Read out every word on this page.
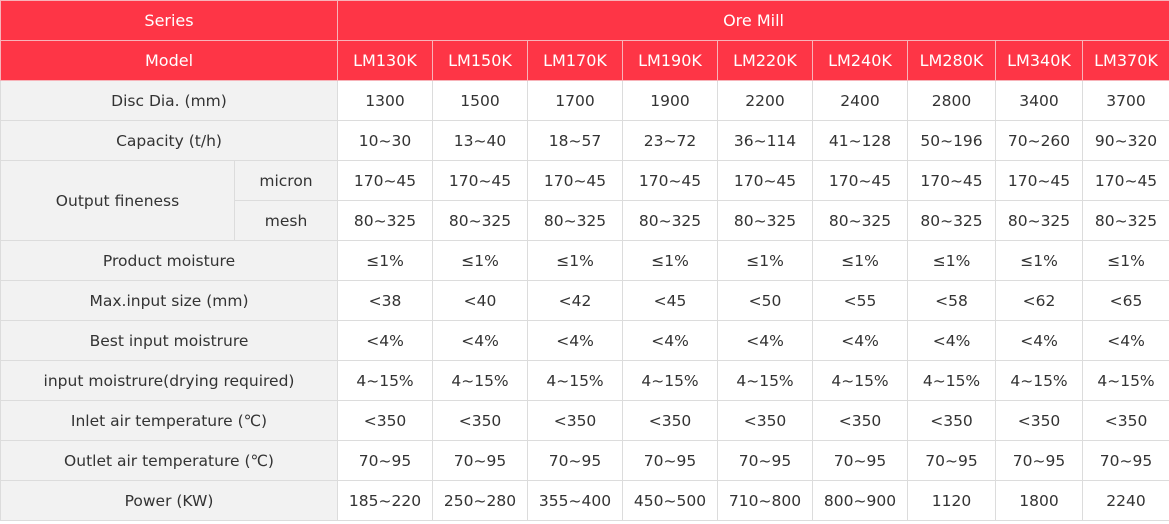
Series		Ore Mill								
Model		LM130K	LM150K	LM170K	LM190K	LM220K	LM240K	LM280K	LM340K	LM370K
Disc Dia. (mm)		1300	1500	1700	1900	2200	2400	2800	3400	3700
Capacity (t/h)		10~30	13~40	18~57	23~72	36~114	41~128	50~196	70~260	90~320
Output fineness	micron	170~45	170~45	170~45	170~45	170~45	170~45	170~45	170~45	170~45
	mesh	80~325	80~325	80~325	80~325	80~325	80~325	80~325	80~325	80~325
Product moisture		≤1%	≤1%	≤1%	≤1%	≤1%	≤1%	≤1%	≤1%	≤1%
Max.input size (mm)		<38	<40	<42	<45	<50	<55	<58	<62	<65
Best input moistrure		<4%	<4%	<4%	<4%	<4%	<4%	<4%	<4%	<4%
input moistrure(drying required)		4~15%	4~15%	4~15%	4~15%	4~15%	4~15%	4~15%	4~15%	4~15%
Inlet air temperature (℃)		<350	<350	<350	<350	<350	<350	<350	<350	<350
Outlet air temperature (℃)		70~95	70~95	70~95	70~95	70~95	70~95	70~95	70~95	70~95
Power (KW)		185~220	250~280	355~400	450~500	710~800	800~900	1120	1800	2240
